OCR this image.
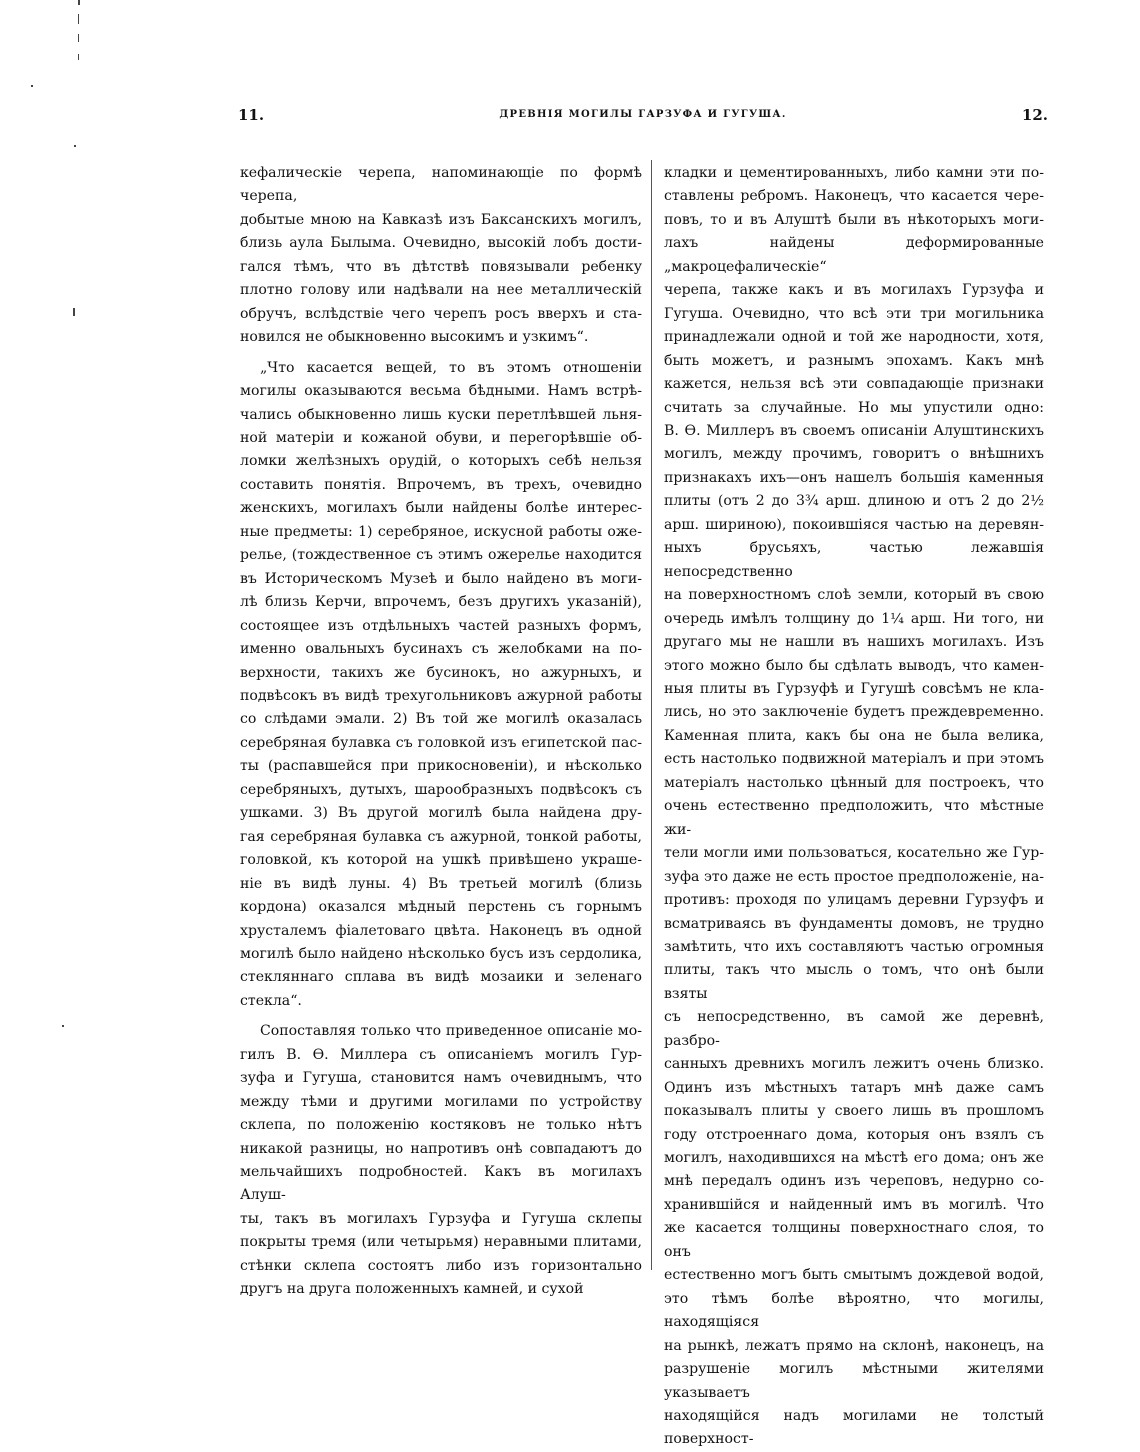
11.	ДРЕВНІЯ МОГИЛЫ ГАРЗУФА И ГУГУША.	12.

кефалическіе черепа, напоминающіе по формѣ черепа,
добытые мною на Кавказѣ изъ Баксанскихъ могилъ,
близь аула Былыма. Очевидно, высокій лобъ дости-
гался тѣмъ, что въ дѣтствѣ повязывали ребенку
плотно голову или надѣвали на нее металлическій
обручъ, вслѣдствіе чего черепъ росъ вверхъ и ста-
новился не обыкновенно высокимъ и узкимъ“.

„Что касается вещей, то въ этомъ отношеніи
могилы оказываются весьма бѣдными. Намъ встрѣ-
чались обыкновенно лишь куски перетлѣвшей льня-
ной матеріи и кожаной обуви, и перегорѣвшіе об-
ломки желѣзныхъ орудій, о которыхъ себѣ нельзя
составить понятія. Впрочемъ, въ трехъ, очевидно
женскихъ, могилахъ были найдены болѣе интерес-
ные предметы: 1) серебряное, искусной работы оже-
релье, (тождественное съ этимъ ожерелье находится
въ Историческомъ Музеѣ и было найдено въ моги-
лѣ близь Керчи, впрочемъ, безъ другихъ указаній),
состоящее изъ отдѣльныхъ частей разныхъ формъ,
именно овальныхъ бусинахъ съ желобками на по-
верхности, такихъ же бусинокъ, но ажурныхъ, и
подвѣсокъ въ видѣ трехугольниковъ ажурной работы
со слѣдами эмали. 2) Въ той же могилѣ оказалась
серебряная булавка съ головкой изъ египетской пас-
ты (распавшейся при прикосновеніи), и нѣсколько
серебряныхъ, дутыхъ, шарообразныхъ подвѣсокъ съ
ушками. 3) Въ другой могилѣ была найдена дру-
гая серебряная булавка съ ажурной, тонкой работы,
головкой, къ которой на ушкѣ привѣшено украше-
ніе въ видѣ луны. 4) Въ третьей могилѣ (близь
кордона) оказался мѣдный перстень съ горнымъ
хрусталемъ фіалетоваго цвѣта. Наконецъ въ одной
могилѣ было найдено нѣсколько бусъ изъ сердолика,
стекляннаго сплава въ видѣ мозаики и зеленаго
стекла“.

Сопоставляя только что приведенное описаніе мо-
гилъ В. Ѳ. Миллера съ описаніемъ могилъ Гур-
зуфа и Гугуша, становится намъ очевиднымъ, что
между тѣми и другими могилами по устройству
склепа, по положенію костяковъ не только нѣтъ
никакой разницы, но напротивъ онѣ совпадаютъ до
мельчайшихъ подробностей. Какъ въ могилахъ Алуш-
ты, такъ въ могилахъ Гурзуфа и Гугуша склепы
покрыты тремя (или четырьмя) неравными плитами,
стѣнки склепа состоятъ либо изъ горизонтально
другъ на друга положенныхъ камней, и сухой

кладки и цементированныхъ, либо камни эти по-
ставлены ребромъ. Наконецъ, что касается чере-
повъ, то и въ Алуштѣ были въ нѣкоторыхъ моги-
лахъ найдены деформированные „макроцефалическіе“
черепа, также какъ и въ могилахъ Гурзуфа и
Гугуша. Очевидно, что всѣ эти три могильника
принадлежали одной и той же народности, хотя,
быть можетъ, и разнымъ эпохамъ. Какъ мнѣ
кажется, нельзя всѣ эти совпадающіе признаки
считать за случайные. Но мы упустили одно:
В. Ѳ. Миллеръ въ своемъ описаніи Алуштинскихъ
могилъ, между прочимъ, говоритъ о внѣшнихъ
признакахъ ихъ—онъ нашелъ большія каменныя
плиты (отъ 2 до 3¾ арш. длиною и отъ 2 до 2½
арш. шириною), покоившіяся частью на деревян-
ныхъ брусьяхъ, частью лежавшія непосредственно
на поверхностномъ слоѣ земли, который въ свою
очередь имѣлъ толщину до 1¼ арш. Ни того, ни
другаго мы не нашли въ нашихъ могилахъ. Изъ
этого можно было бы сдѣлать выводъ, что камен-
ныя плиты въ Гурзуфѣ и Гугушѣ совсѣмъ не кла-
лись, но это заключеніе будетъ преждевременно.
Каменная плита, какъ бы она не была велика,
есть настолько подвижной матеріалъ и при этомъ
матеріалъ настолько цѣнный для построекъ, что
очень естественно предположить, что мѣстные жи-
тели могли ими пользоваться, косательно же Гур-
зуфа это даже не есть простое предположеніе, на-
противъ: проходя по улицамъ деревни Гурзуфъ и
всматриваясь въ фундаменты домовъ, не трудно
замѣтить, что ихъ составляютъ частью огромныя
плиты, такъ что мысль о томъ, что онѣ были взяты
съ непосредственно, въ самой же деревнѣ, разбро-
санныхъ древнихъ могилъ лежитъ очень близко.
Одинъ изъ мѣстныхъ татаръ мнѣ даже самъ
показывалъ плиты у своего лишь въ прошломъ
году отстроеннаго дома, которыя онъ взялъ съ
могилъ, находившихся на мѣстѣ его дома; онъ же
мнѣ передалъ одинъ изъ череповъ, недурно со-
хранившійся и найденный имъ въ могилѣ. Что
же касается толщины поверхностнаго слоя, то онъ
естественно могъ быть смытымъ дождевой водой,
это тѣмъ болѣе вѣроятно, что могилы, находящіяся
на рынкѣ, лежатъ прямо на склонѣ, наконецъ, на
разрушеніе могилъ мѣстными жителями указываетъ
находящійся надъ могилами не толстый поверхност-
